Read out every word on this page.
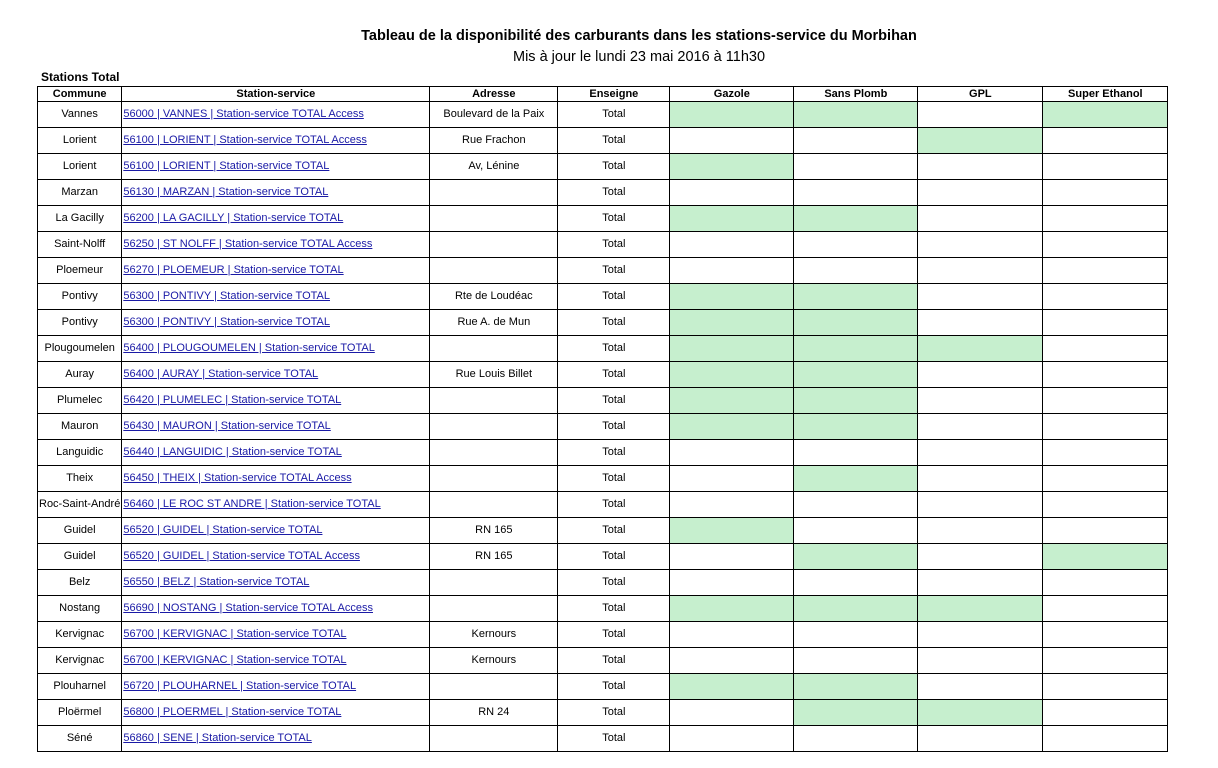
Tableau de la disponibilité des carburants dans les stations-service du Morbihan
Mis à jour le lundi 23 mai 2016 à 11h30
Stations Total
Commune	Station-service	Adresse	Enseigne	Gazole	Sans Plomb	GPL	Super Ethanol
Vannes	56000 | VANNES | Station-service TOTAL Access	Boulevard de la Paix	Total				
Lorient	56100 | LORIENT | Station-service TOTAL Access	Rue Frachon	Total				
Lorient	56100 | LORIENT | Station-service TOTAL	Av, Lénine	Total				
Marzan	56130 | MARZAN | Station-service TOTAL		Total				
La Gacilly	56200 | LA GACILLY | Station-service TOTAL		Total				
Saint-Nolff	56250 | ST NOLFF | Station-service TOTAL Access		Total				
Ploemeur	56270 | PLOEMEUR | Station-service TOTAL		Total				
Pontivy	56300 | PONTIVY | Station-service TOTAL	Rte de Loudéac	Total				
Pontivy	56300 | PONTIVY | Station-service TOTAL	Rue A. de Mun	Total				
Plougoumelen	56400 | PLOUGOUMELEN | Station-service TOTAL		Total				
Auray	56400 | AURAY | Station-service TOTAL	Rue Louis Billet	Total				
Plumelec	56420 | PLUMELEC | Station-service TOTAL		Total				
Mauron	56430 | MAURON | Station-service TOTAL		Total				
Languidic	56440 | LANGUIDIC | Station-service TOTAL		Total				
Theix	56450 | THEIX | Station-service TOTAL Access		Total				
Roc-Saint-André	56460 | LE ROC ST ANDRE | Station-service TOTAL		Total				
Guidel	56520 | GUIDEL | Station-service TOTAL	RN 165	Total				
Guidel	56520 | GUIDEL | Station-service TOTAL Access	RN 165	Total				
Belz	56550 | BELZ | Station-service TOTAL		Total				
Nostang	56690 | NOSTANG | Station-service TOTAL Access		Total				
Kervignac	56700 | KERVIGNAC | Station-service TOTAL	Kernours	Total				
Kervignac	56700 | KERVIGNAC | Station-service TOTAL	Kernours	Total				
Plouharnel	56720 | PLOUHARNEL | Station-service TOTAL		Total				
Ploërmel	56800 | PLOERMEL | Station-service TOTAL	RN 24	Total				
Séné	56860 | SENE | Station-service TOTAL		Total				
